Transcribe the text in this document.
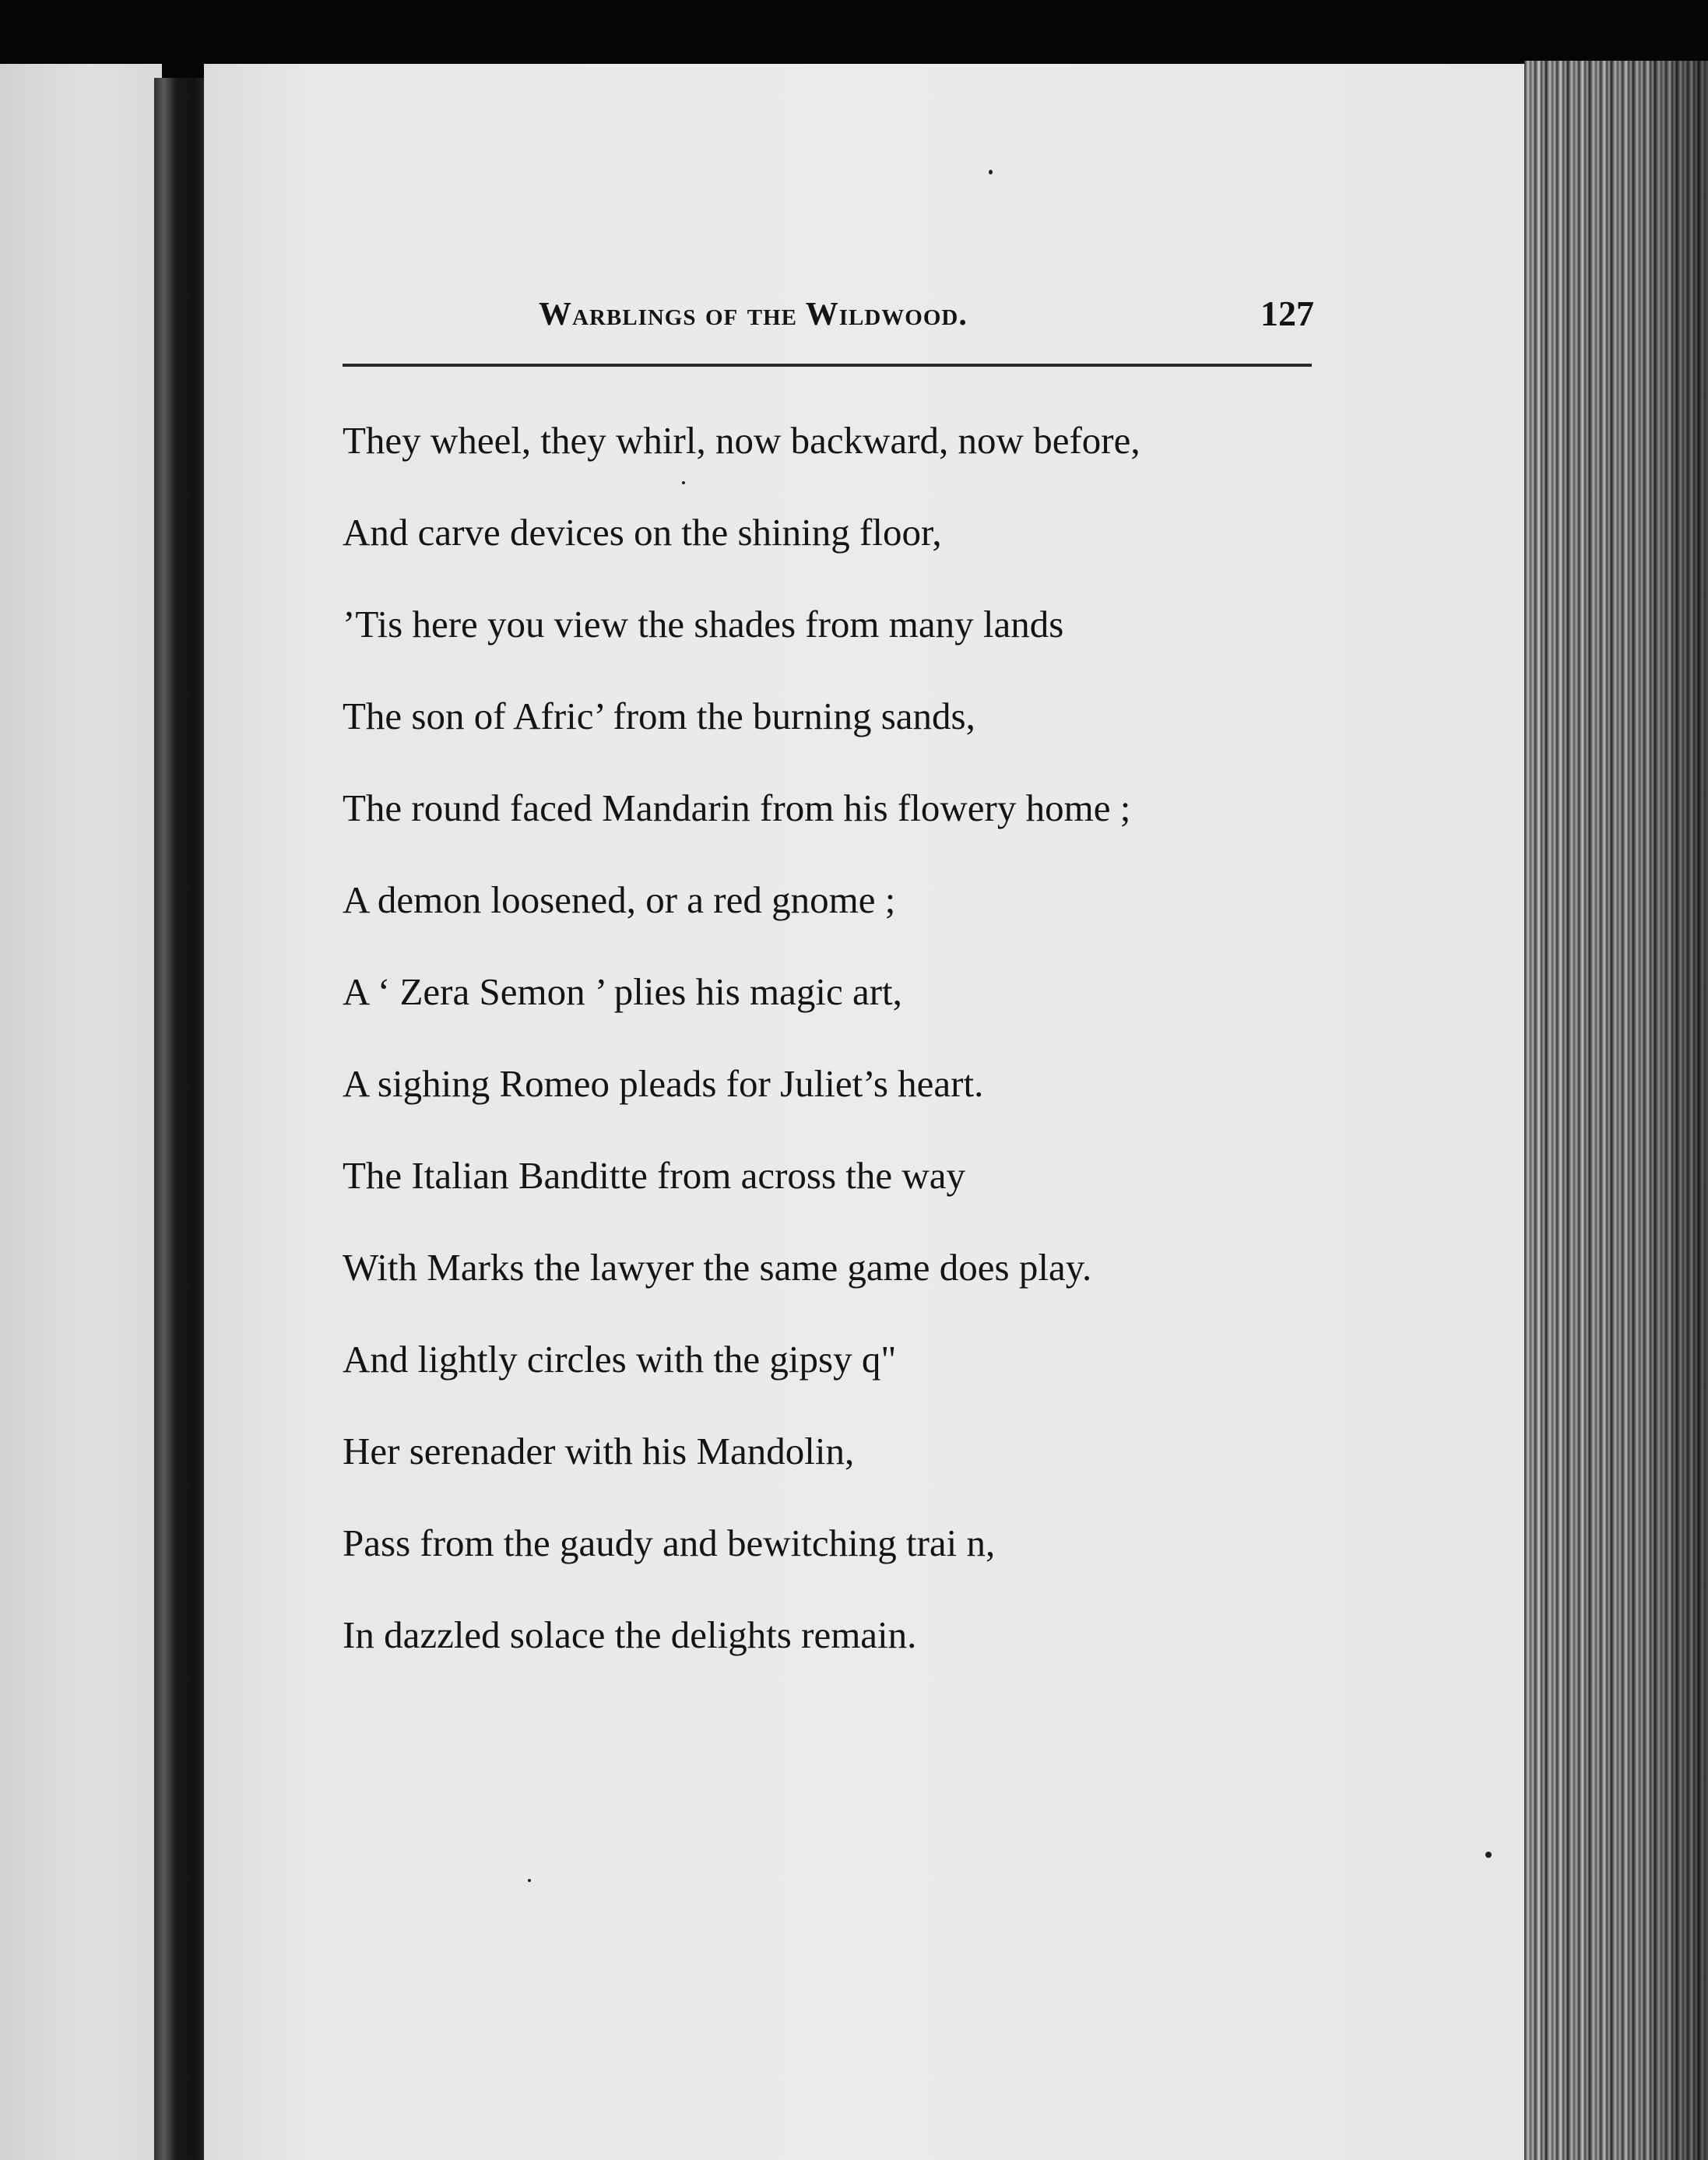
Warblings of the Wildwood.	127
They wheel, they whirl, now backward, now before,
And carve devices on the shining floor,
’Tis here you view the shades from many lands
The son of Afric’ from the burning sands,
The round faced Mandarin from his flowery home ;
A demon loosened, or a red gnome ;
A ‘ Zera Semon ’ plies his magic art,
A sighing Romeo pleads for Juliet’s heart.
The Italian Banditte from across the way
With Marks the lawyer the same game does play.
And lightly circles with the gipsy q"
Her serenader with his Mandolin,
Pass from the gaudy and bewitching trai n,
In dazzled solace the delights remain.
